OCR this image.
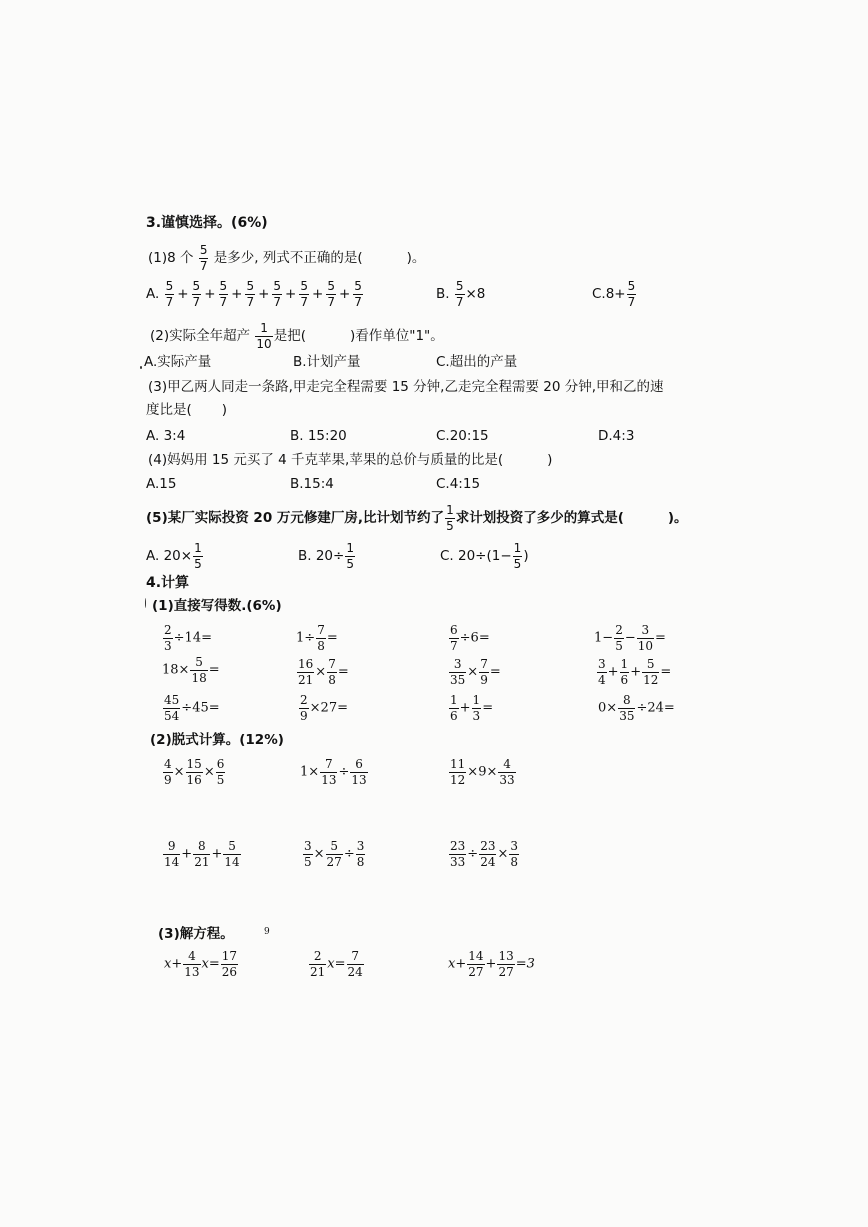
3.谨慎选择。(6%)
(1)8 个 $\frac{5}{7}$ 是多少, 列式不正确的是(	)。
A. $\frac{5}{7} + \frac{5}{7} + \frac{5}{7} + \frac{5}{7} + \frac{5}{7} + \frac{5}{7} + \frac{5}{7} + \frac{5}{7}$	B. $\frac{5}{7} \times 8$	$C.8+ \frac{5}{7}$
(2)实际全年超产 $\frac{1}{10}$ 是把(	)看作单位"1"。
A.实际产量	B.计划产量	C.超出的产量
(3)甲乙两人同走一条路,甲走完全程需要 15 分钟,乙走完全程需要 20 分钟,甲和乙的速
度比是( )
A. 3:4	B. 15:20	C.20:15	D.4:3
(4)妈妈用 15 元买了 4 千克苹果,苹果的总价与质量的比是(	)
A.15	B.15:4	C.4:15
(5)某厂实际投资 20 万元修建厂房,比计划节约了 $\frac{1}{5}$ 求计划投资了多少的算式是(	)。
A. $20\times \frac{1}{5}$	B. $20\div \frac{1}{5}$	C. $20\div(1- \frac{1}{5}$ )
4.计算
(1)直接写得数.(6%)
$\frac{2}{3} \div 14=$	$1\div \frac{7}{8}$ =	$\frac{6}{7} \div 6=$	$1- \frac{2}{5} - \frac{3}{10}$ =
$18\times \frac{5}{18}$ =	$\frac{16}{21} \times \frac{7}{8}$ =	$\frac{3}{35} \times \frac{7}{9}$ =	$\frac{3}{4} + \frac{1}{6} + \frac{5}{12}$ =
$\frac{45}{54} \div 45=$	$\frac{2}{9} \times 27=$	$\frac{1}{6} + \frac{1}{3}$ =	$0\times \frac{8}{35} \div 24=$
(2)脱式计算。(12%)
$\frac{4}{9} \times \frac{15}{16} \times \frac{6}{5}$	$1\times \frac{7}{13} \div \frac{6}{13}$	$\frac{11}{12} \times 9\times \frac{4}{33}$
$\frac{9}{14} + \frac{8}{21} + \frac{5}{14}$	$\frac{3}{5} \times \frac{5}{27} \div \frac{3}{8}$	$\frac{23}{33} \div \frac{23}{24} \times \frac{3}{8}$
(3)解方程。	9
$x+ \frac{4}{13} x= \frac{17}{26}$	$\frac{2}{21} x= \frac{7}{24}$	$x+ \frac{14}{27} + \frac{13}{27} =3$
